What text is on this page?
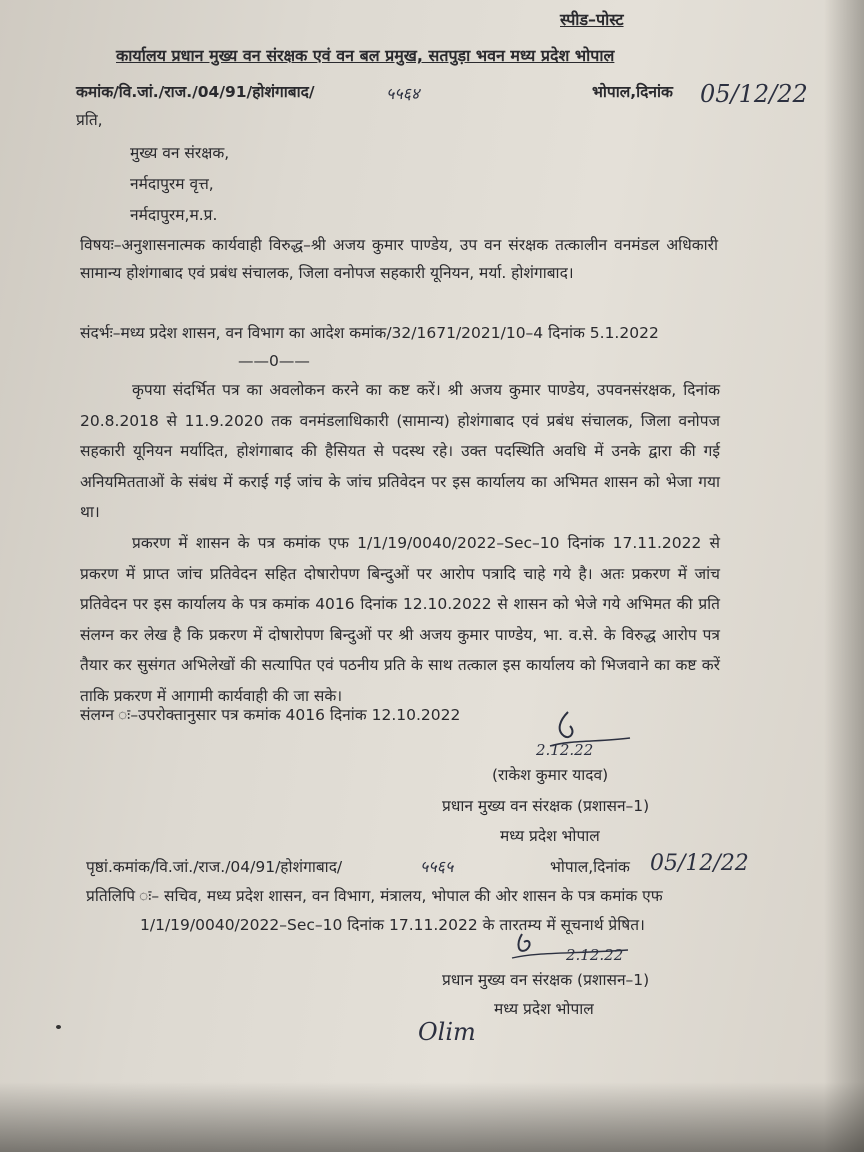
स्पीड–पोस्ट
कार्यालय प्रधान मुख्य वन संरक्षक एवं वन बल प्रमुख, सतपुड़ा भवन मध्य प्रदेश भोपाल
कमांक/वि.जां./राज./04/91/होशंगाबाद/	५५६४	भोपाल,दिनांक 05/12/22
प्रति,
मुख्य वन संरक्षक,
नर्मदापुरम वृत्त,
नर्मदापुरम,म.प्र.
विषयः–अनुशासनात्मक कार्यवाही विरुद्ध–श्री अजय कुमार पाण्डेय, उप वन संरक्षक तत्कालीन वनमंडल अधिकारी सामान्य होशंगाबाद एवं प्रबंध संचालक, जिला वनोपज सहकारी यूनियन, मर्या. होशंगाबाद।
संदर्भः–मध्य प्रदेश शासन, वन विभाग का आदेश कमांक/32/1671/2021/10–4 दिनांक 5.1.2022
——0——
कृपया संदर्भित पत्र का अवलोकन करने का कष्ट करें। श्री अजय कुमार पाण्डेय, उपवनसंरक्षक, दिनांक 20.8.2018 से 11.9.2020 तक वनमंडलाधिकारी (सामान्य) होशंगाबाद एवं प्रबंध संचालक, जिला वनोपज सहकारी यूनियन मर्यादित, होशंगाबाद की हैसियत से पदस्थ रहे। उक्त पदस्थिति अवधि में उनके द्वारा की गई अनियमितताओं के संबंध में कराई गई जांच के जांच प्रतिवेदन पर इस कार्यालय का अभिमत शासन को भेजा गया था।
प्रकरण में शासन के पत्र कमांक एफ 1/1/19/0040/2022–Sec–10 दिनांक 17.11.2022 से प्रकरण में प्राप्त जांच प्रतिवेदन सहित दोषारोपण बिन्दुओं पर आरोप पत्रादि चाहे गये है। अतः प्रकरण में जांच प्रतिवेदन पर इस कार्यालय के पत्र कमांक 4016 दिनांक 12.10.2022 से शासन को भेजे गये अभिमत की प्रति संलग्न कर लेख है कि प्रकरण में दोषारोपण बिन्दुओं पर श्री अजय कुमार पाण्डेय, भा. व.से. के विरुद्ध आरोप पत्र तैयार कर सुसंगत अभिलेखों की सत्यापित एवं पठनीय प्रति के साथ तत्काल इस कार्यालय को भिजवाने का कष्ट करें ताकि प्रकरण में आगामी कार्यवाही की जा सके।
संलग्न ः–उपरोक्तानुसार पत्र कमांक 4016 दिनांक 12.10.2022
2.12.22
(राकेश कुमार यादव)
प्रधान मुख्य वन संरक्षक (प्रशासन–1)
मध्य प्रदेश भोपाल
पृष्ठां.कमांक/वि.जां./राज./04/91/होशंगाबाद/	५५६५	भोपाल,दिनांक 05/12/22
प्रतिलिपि ः– सचिव, मध्य प्रदेश शासन, वन विभाग, मंत्रालय, भोपाल की ओर शासन के पत्र कमांक एफ
1/1/19/0040/2022–Sec–10 दिनांक 17.11.2022 के तारतम्य में सूचनार्थ प्रेषित।
2.12.22
प्रधान मुख्य वन संरक्षक (प्रशासन–1)
मध्य प्रदेश भोपाल
Olim
